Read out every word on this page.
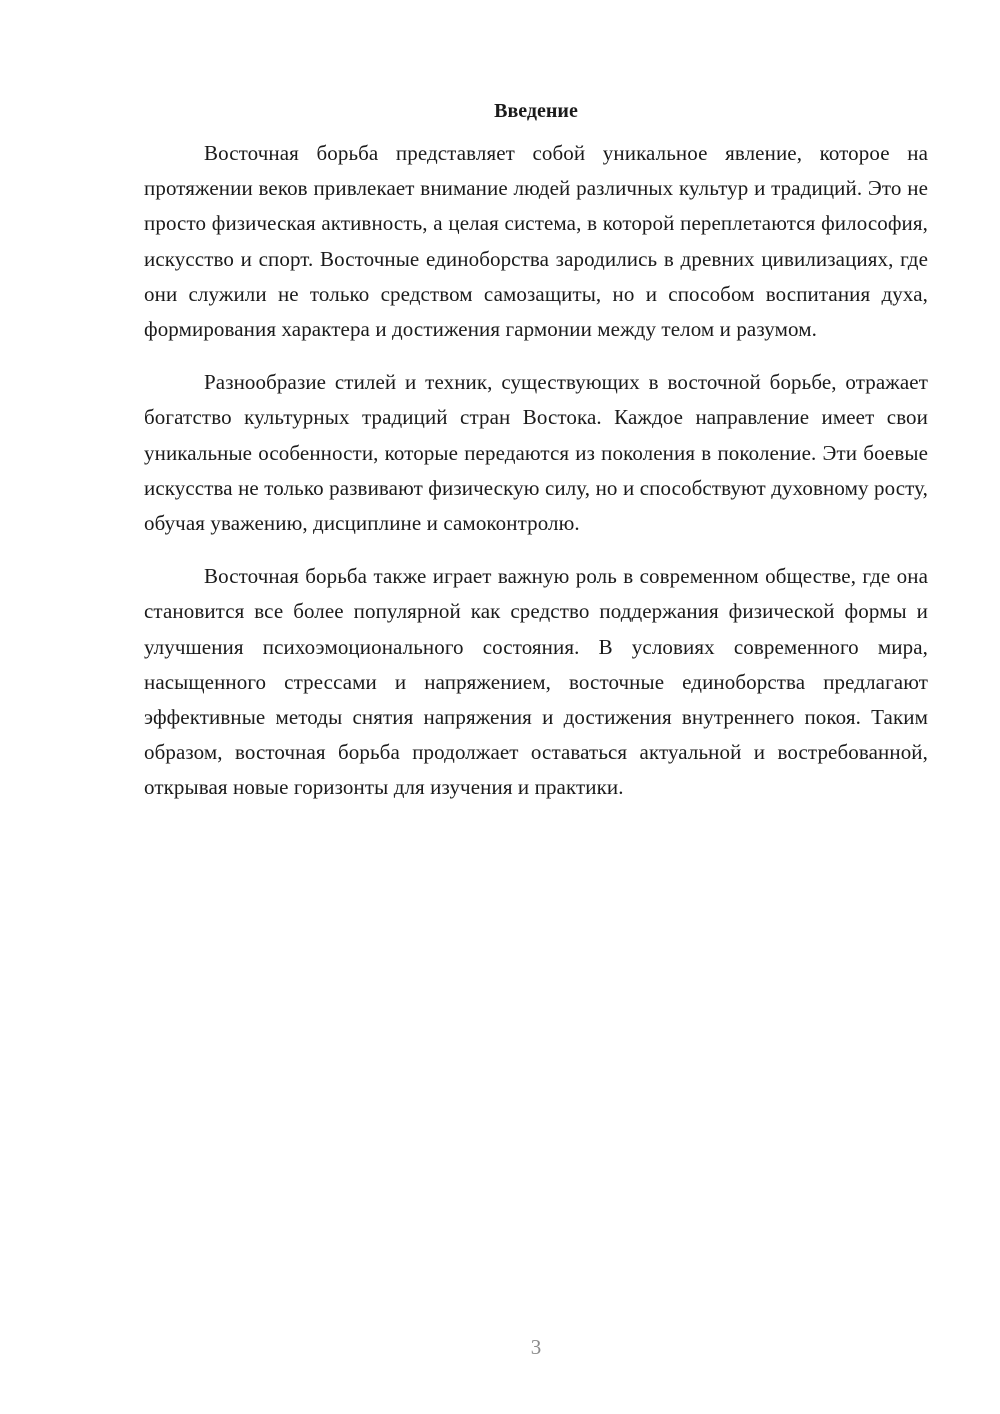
Введение

Восточная борьба представляет собой уникальное явление, которое на протяжении веков привлекает внимание людей различных культур и традиций. Это не просто физическая активность, а целая система, в которой переплетаются философия, искусство и спорт. Восточные единоборства зародились в древних цивилизациях, где они служили не только средством самозащиты, но и способом воспитания духа, формирования характера и достижения гармонии между телом и разумом.

Разнообразие стилей и техник, существующих в восточной борьбе, отражает богатство культурных традиций стран Востока. Каждое направление имеет свои уникальные особенности, которые передаются из поколения в поколение. Эти боевые искусства не только развивают физическую силу, но и способствуют духовному росту, обучая уважению, дисциплине и самоконтролю.

Восточная борьба также играет важную роль в современном обществе, где она становится все более популярной как средство поддержания физической формы и улучшения психоэмоционального состояния. В условиях современного мира, насыщенного стрессами и напряжением, восточные единоборства предлагают эффективные методы снятия напряжения и достижения внутреннего покоя. Таким образом, восточная борьба продолжает оставаться актуальной и востребованной, открывая новые горизонты для изучения и практики.

3
